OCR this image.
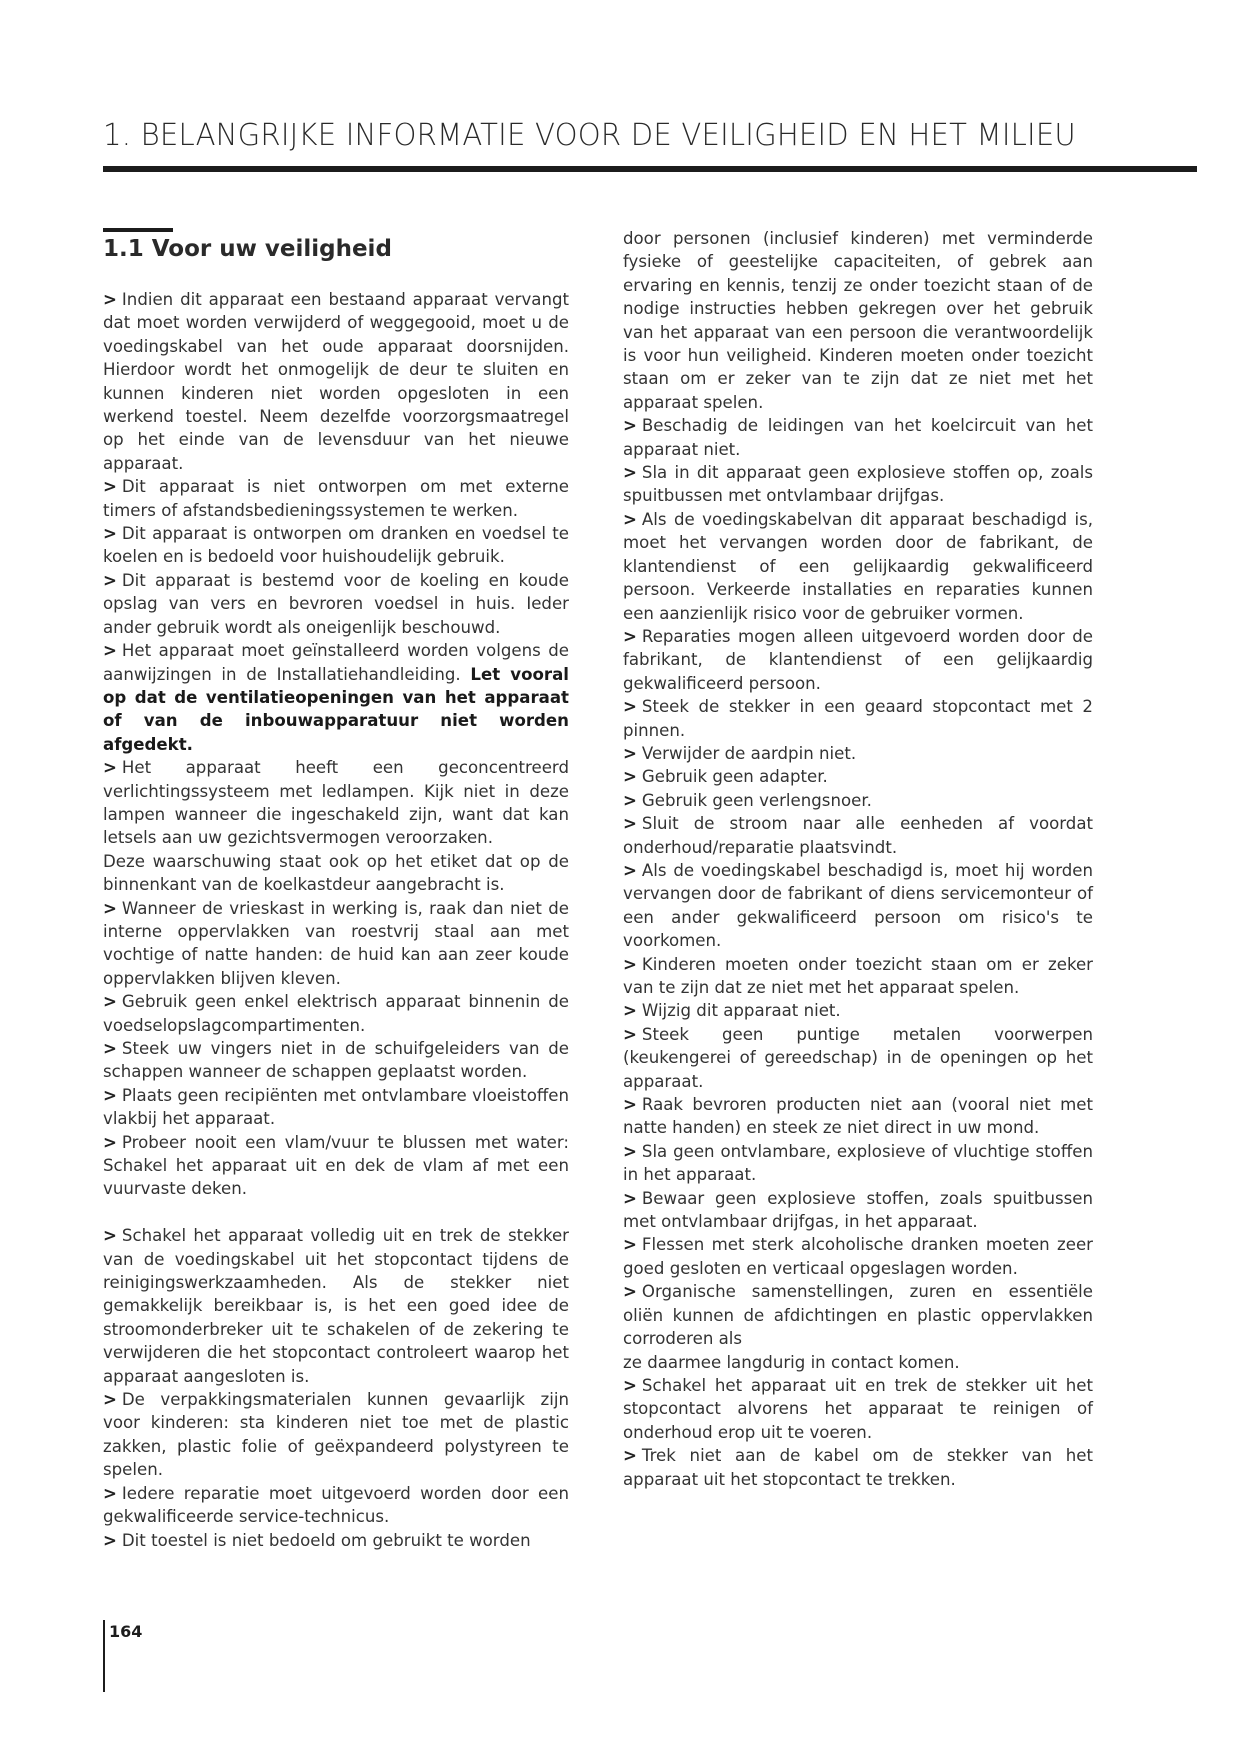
1. BELANGRIJKE INFORMATIE VOOR DE VEILIGHEID EN HET MILIEU
1.1 Voor uw veiligheid

> Indien dit apparaat een bestaand apparaat vervangt dat moet worden verwijderd of weggegooid, moet u de voedingskabel van het oude apparaat doorsnijden. Hierdoor wordt het onmogelijk de deur te sluiten en kunnen kinderen niet worden opgesloten in een werkend toestel. Neem dezelfde voorzorgsmaatregel op het einde van de levensduur van het nieuwe apparaat.

> Dit apparaat is niet ontworpen om met externe timers of afstandsbedieningssystemen te werken.

> Dit apparaat is ontworpen om dranken en voedsel te koelen en is bedoeld voor huishoudelijk gebruik.

> Dit apparaat is bestemd voor de koeling en koude opslag van vers en bevroren voedsel in huis. Ieder ander gebruik wordt als oneigenlijk beschouwd.

> Het apparaat moet geïnstalleerd worden volgens de aanwijzingen in de Installatiehandleiding. Let vooral op dat de ventilatieopeningen van het apparaat of van de inbouwapparatuur niet worden afgedekt.

> Het apparaat heeft een geconcentreerd verlichtingssysteem met ledlampen. Kijk niet in deze lampen wanneer die ingeschakeld zijn, want dat kan letsels aan uw gezichtsvermogen veroorzaken.

Deze waarschuwing staat ook op het etiket dat op de binnenkant van de koelkastdeur aangebracht is.

> Wanneer de vrieskast in werking is, raak dan niet de interne oppervlakken van roestvrij staal aan met vochtige of natte handen: de huid kan aan zeer koude oppervlakken blijven kleven.

> Gebruik geen enkel elektrisch apparaat binnenin de voedselopslagcompartimenten.

> Steek uw vingers niet in de schuifgeleiders van de schappen wanneer de schappen geplaatst worden.

> Plaats geen recipiënten met ontvlambare vloeistoffen vlakbij het apparaat.

> Probeer nooit een vlam/vuur te blussen met water: Schakel het apparaat uit en dek de vlam af met een vuurvaste deken.

> Schakel het apparaat volledig uit en trek de stekker van de voedingskabel uit het stopcontact tijdens de reinigingswerkzaamheden. Als de stekker niet gemakkelijk bereikbaar is, is het een goed idee de stroomonderbreker uit te schakelen of de zekering te verwijderen die het stopcontact controleert waarop het apparaat aangesloten is.

> De verpakkingsmaterialen kunnen gevaarlijk zijn voor kinderen: sta kinderen niet toe met de plastic zakken, plastic folie of geëxpandeerd polystyreen te spelen.

> Iedere reparatie moet uitgevoerd worden door een gekwalificeerde service-technicus.

> Dit toestel is niet bedoeld om gebruikt te worden

door personen (inclusief kinderen) met verminderde fysieke of geestelijke capaciteiten, of gebrek aan ervaring en kennis, tenzij ze onder toezicht staan of de nodige instructies hebben gekregen over het gebruik van het apparaat van een persoon die verantwoordelijk is voor hun veiligheid. Kinderen moeten onder toezicht staan om er zeker van te zijn dat ze niet met het apparaat spelen.

> Beschadig de leidingen van het koelcircuit van het apparaat niet.

> Sla in dit apparaat geen explosieve stoffen op, zoals spuitbussen met ontvlambaar drijfgas.

> Als de voedingskabelvan dit apparaat beschadigd is, moet het vervangen worden door de fabrikant, de klantendienst of een gelijkaardig gekwalificeerd persoon. Verkeerde installaties en reparaties kunnen een aanzienlijk risico voor de gebruiker vormen.

> Reparaties mogen alleen uitgevoerd worden door de fabrikant, de klantendienst of een gelijkaardig gekwalificeerd persoon.

> Steek de stekker in een geaard stopcontact met 2 pinnen.

> Verwijder de aardpin niet.

> Gebruik geen adapter.

> Gebruik geen verlengsnoer.

> Sluit de stroom naar alle eenheden af voordat onderhoud/reparatie plaatsvindt.

> Als de voedingskabel beschadigd is, moet hij worden vervangen door de fabrikant of diens servicemonteur of een ander gekwalificeerd persoon om risico's te voorkomen.

> Kinderen moeten onder toezicht staan om er zeker van te zijn dat ze niet met het apparaat spelen.

> Wijzig dit apparaat niet.

> Steek geen puntige metalen voorwerpen (keukengerei of gereedschap) in de openingen op het apparaat.

> Raak bevroren producten niet aan (vooral niet met natte handen) en steek ze niet direct in uw mond.

> Sla geen ontvlambare, explosieve of vluchtige stoffen in het apparaat.

> Bewaar geen explosieve stoffen, zoals spuitbussen met ontvlambaar drijfgas, in het apparaat.

> Flessen met sterk alcoholische dranken moeten zeer goed gesloten en verticaal opgeslagen worden.

> Organische samenstellingen, zuren en essentiële oliën kunnen de afdichtingen en plastic oppervlakken corroderen als

ze daarmee langdurig in contact komen.

> Schakel het apparaat uit en trek de stekker uit het stopcontact alvorens het apparaat te reinigen of onderhoud erop uit te voeren.

> Trek niet aan de kabel om de stekker van het apparaat uit het stopcontact te trekken.

164
